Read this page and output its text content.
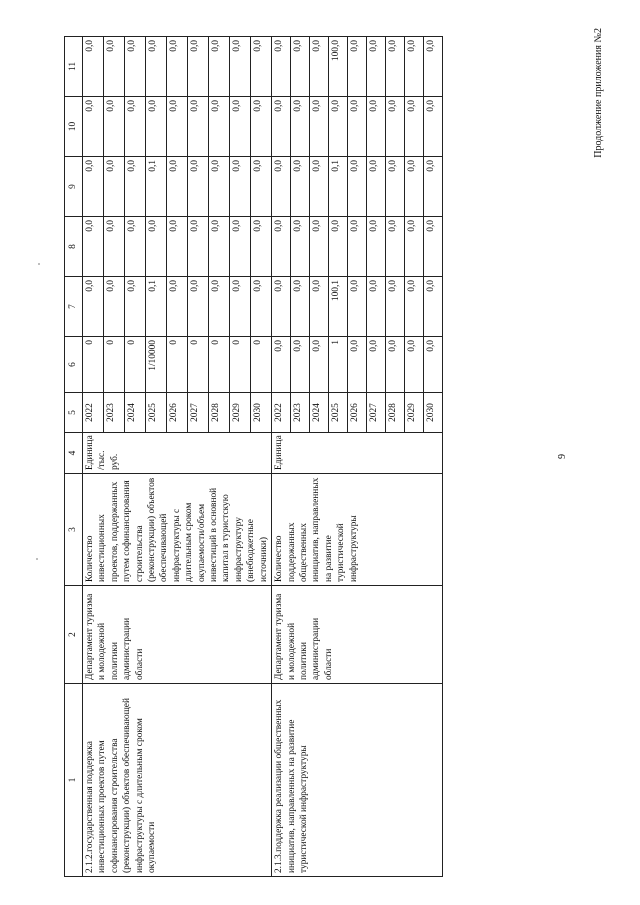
9
Продолжение приложения №2
1	2	3	4	5	6	7	8	9	10	11
2.1.2.государственная поддержка инвестиционных проектов путем софинансирования строительства (реконструкции) объектов обеспечивающей инфраструктуры с длительным сроком окупаемости	Департамент туризма и молодежной политики администрации области	Количество инвестиционных проектов, поддержанных путем софинансирования строительства (реконструкции) объектов обеспечивающей инфраструктуры с длительным сроком окупаемости/объем инвестиций в основной капитал в туристскую инфраструктуру (внебюджетные источники)	Единица /тыс. руб.	2022	0	0,0	0,0	0,0	0,0	0,0
				2023	0	0,0	0,0	0,0	0,0	0,0
				2024	0	0,0	0,0	0,0	0,0	0,0
				2025	1/10000	0,1	0,0	0,1	0,0	0,0
				2026	0	0,0	0,0	0,0	0,0	0,0
				2027	0	0,0	0,0	0,0	0,0	0,0
				2028	0	0,0	0,0	0,0	0,0	0,0
				2029	0	0,0	0,0	0,0	0,0	0,0
				2030	0	0,0	0,0	0,0	0,0	0,0
2.1.3.поддержка реализации общественных инициатив, направленных на развитие туристической инфраструктуры	Департамент туризма и молодежной политики администрации области	Количество поддержанных общественных инициатив, направленных на развитие туристической инфраструктуры	Единица	2022	0,0	0,0	0,0	0,0	0,0	0,0
				2023	0,0	0,0	0,0	0,0	0,0	0,0
				2024	0,0	0,0	0,0	0,0	0,0	0,0
				2025	1	100,1	0,0	0,1	0,0	100,0
				2026	0,0	0,0	0,0	0,0	0,0	0,0
				2027	0,0	0,0	0,0	0,0	0,0	0,0
				2028	0,0	0,0	0,0	0,0	0,0	0,0
				2029	0,0	0,0	0,0	0,0	0,0	0,0
				2030	0,0	0,0	0,0	0,0	0,0	0,0
